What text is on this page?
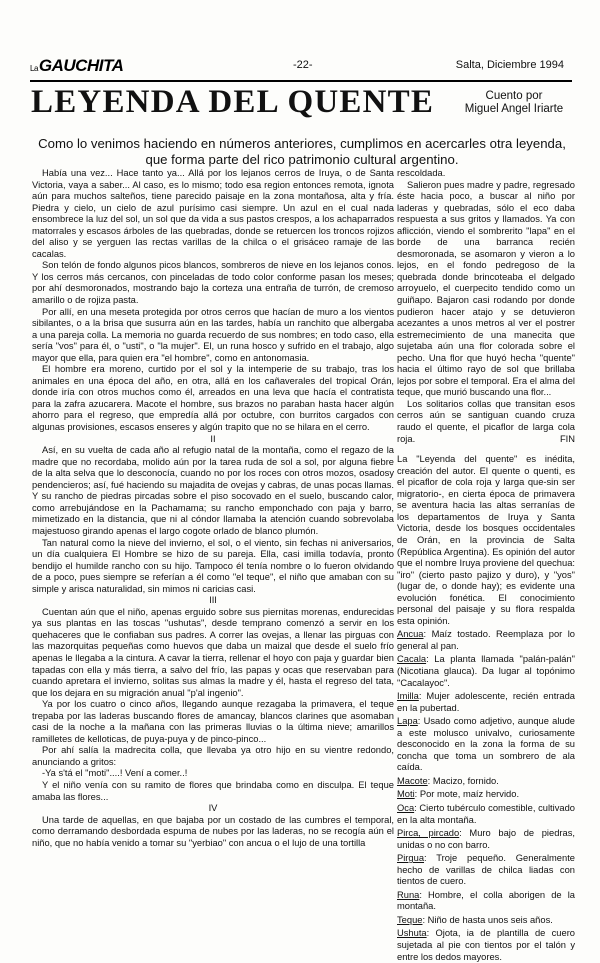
LaGAUCHITA	-22-	Salta, Diciembre 1994
LEYENDA DEL QUENTE	Cuento por
Miguel Angel Iriarte
Como lo venimos haciendo en números anteriores, cumplimos en acercarles otra leyenda, que forma parte del rico patrimonio cultural argentino.

Había una vez... Hace tanto ya... Allá por los lejanos cerros de Iruya, o de Santa Victoria, vaya a saber... Al caso, es lo mismo; todo esa region entonces remota, ignota aún para muchos salteños, tiene parecido paisaje en la zona montañosa, alta y fría. Piedra y cielo, un cielo de azul purísimo casi siempre. Un azul en el cual nada ensombrece la luz del sol, un sol que da vida a sus pastos crespos, a los achaparrados matorrales y escasos árboles de las quebradas, donde se retuercen los troncos rojizos del aliso y se yerguen las rectas varillas de la chilca o el grisáceo ramaje de las cacalas.

Son telón de fondo algunos picos blancos, sombreros de nieve en los lejanos conos. Y los cerros más cercanos, con pinceladas de todo color conforme pasan los meses; por ahí desmoronados, mostrando bajo la corteza una entraña de turrón, de cremoso amarillo o de rojiza pasta.

Por allí, en una meseta protegida por otros cerros que hacían de muro a los vientos sibilantes, o a la brisa que susurra aún en las tardes, había un ranchito que albergaba a una pareja colla. La memoria no guarda recuerdo de sus nombres; en todo caso, ella sería "vos" para él, o "usti", o "la mujer". El, un runa hosco y sufrido en el trabajo, algo mayor que ella, para quien era "el hombre", como en antonomasia.

El hombre era moreno, curtido por el sol y la intemperie de su trabajo, tras los animales en una época del año, en otra, allá en los cañaverales del tropical Orán, donde iría con otros muchos como él, arreados en una leva que hacía el contratista para la zafra azucarera. Macote el hombre, sus brazos no paraban hasta hacer algún ahorro para el regreso, que empredía allá por octubre, con burritos cargados con algunas provisiones, escasos enseres y algún trapito que no se hilara en el cerro.

II

Así, en su vuelta de cada año al refugio natal de la montaña, como el regazo de la madre que no recordaba, molido aún por la tarea ruda de sol a sol, por alguna fiebre de la alta selva que lo desconocía, cuando no por los roces con otros mozos, osadosy pendencieros; así, fué haciendo su majadita de ovejas y cabras, de unas pocas llamas. Y su rancho de piedras pircadas sobre el piso socovado en el suelo, buscando calor, como arrebujándose en la Pachamama; su rancho emponchado con paja y barro, mimetizado en la distancia, que ni al cóndor llamaba la atención cuando sobrevolaba majestuoso girando apenas el largo cogote orlado de blanco plumón.

Tan natural como la nieve del invierno, el sol, o el viento, sin fechas ni aniversarios, un día cualquiera El Hombre se hizo de su pareja. Ella, casi imilla todavía, pronto bendijo el humilde rancho con su hijo. Tampoco él tenía nombre o lo fueron olvidando de a poco, pues siempre se referían a él como "el teque", el niño que amaban con su simple y arisca naturalidad, sin mimos ni caricias casi.

III

Cuentan aún que el niño, apenas erguido sobre sus piernitas morenas, endurecidas ya sus plantas en las toscas "ushutas", desde temprano comenzó a servir en los quehaceres que le confiaban sus padres. A correr las ovejas, a llenar las pirguas con las mazorquitas pequeñas como huevos que daba un maizal que desde el suelo frío apenas le llegaba a la cintura. A cavar la tierra, rellenar el hoyo con paja y guardar bien tapadas con ella y más tierra, a salvo del frío, las papas y ocas que reservaban para cuando apretara el invierno, solitas sus almas la madre y él, hasta el regreso del tata, que los dejara en su migración anual "p'al ingenio".

Ya por los cuatro o cinco años, llegando aunque rezagaba la primavera, el teque trepaba por las laderas buscando flores de amancay, blancos clarines que asomaban casi de la noche a la mañana con las primeras lluvias o la última nieve; amarillos ramilletes de kelloticas, de puya-puya y de pinco-pinco...

Por ahí salía la madrecita colla, que llevaba ya otro hijo en su vientre redondo, anunciando a gritos:

-Ya s'tá el "moti"....! Vení a comer..!

Y el niño venía con su ramito de flores que brindaba como en disculpa. El teque amaba las flores...

IV

Una tarde de aquellas, en que bajaba por un costado de las cumbres el temporal, como derramando desbordada espuma de nubes por las laderas, no se recogía aún el niño, que no había venido a tomar su "yerbiao" con ancua o el lujo de una tortilla

rescoldada.

Salieron pues madre y padre, regresado éste hacia poco, a buscar al niño por laderas y quebradas, sólo el eco daba respuesta a sus gritos y llamados. Ya con aflicción, viendo el sombrerito "lapa" en el borde de una barranca recién desmoronada, se asomaron y vieron a lo lejos, en el fondo pedregoso de la quebrada donde brincoteaba el delgado arroyuelo, el cuerpecito tendido como un guiñapo. Bajaron casi rodando por donde pudieron hacer atajo y se detuvieron acezantes a unos metros al ver el postrer estremecimiento de una manecita que sujetaba aún una flor colorada sobre el pecho. Una flor que huyó hecha "quente" hacia el último rayo de sol que brillaba lejos por sobre el temporal. Era el alma del teque, que murió buscando una flor...

Los solitarios collas que transitan esos cerros aún se santiguan cuando cruza raudo el quente, el picaflor de larga cola roja.	FIN

La "Leyenda del quente" es inédita, creación del autor. El quente o quenti, es el picaflor de cola roja y larga que-sin ser migratorio-, en cierta época de primavera se aventura hacia las altas serranías de los departamentos de Iruya y Santa Victoria, desde los bosques occidentales de Orán, en la provincia de Salta (República Argentina). Es opinión del autor que el nombre Iruya proviene del quechua: "iro" (cierto pasto pajizo y duro), y "yos" (lugar de, o donde hay); es evidente una evolución fonética. El conocimiento personal del paisaje y su flora respalda esta opinión.

Ancua: Maíz tostado. Reemplaza por lo general al pan.

Cacala: La planta llamada "palán-palán" (Nicotiana glauca). Da lugar al topónimo "Cacalayoc".

Imilla: Mujer adolescente, recién entrada en la pubertad.

Lapa: Usado como adjetivo, aunque alude a este molusco univalvo, curiosamente desconocido en la zona la forma de su concha que toma un sombrero de ala caída.

Macote: Macizo, fornido.

Moti: Por mote, maíz hervido.

Oca: Cierto tubérculo comestible, cultivado en la alta montaña.

Pirca, pircado: Muro bajo de piedras, unidas o no con barro.

Pirgua: Troje pequeño. Generalmente hecho de varillas de chilca liadas con tientos de cuero.

Runa: Hombre, el colla aborigen de la montaña.

Teque: Niño de hasta unos seis años.

Ushuta: Ojota, ia de plantilla de cuero sujetada al pie con tientos por el talón y entre los dedos mayores.
